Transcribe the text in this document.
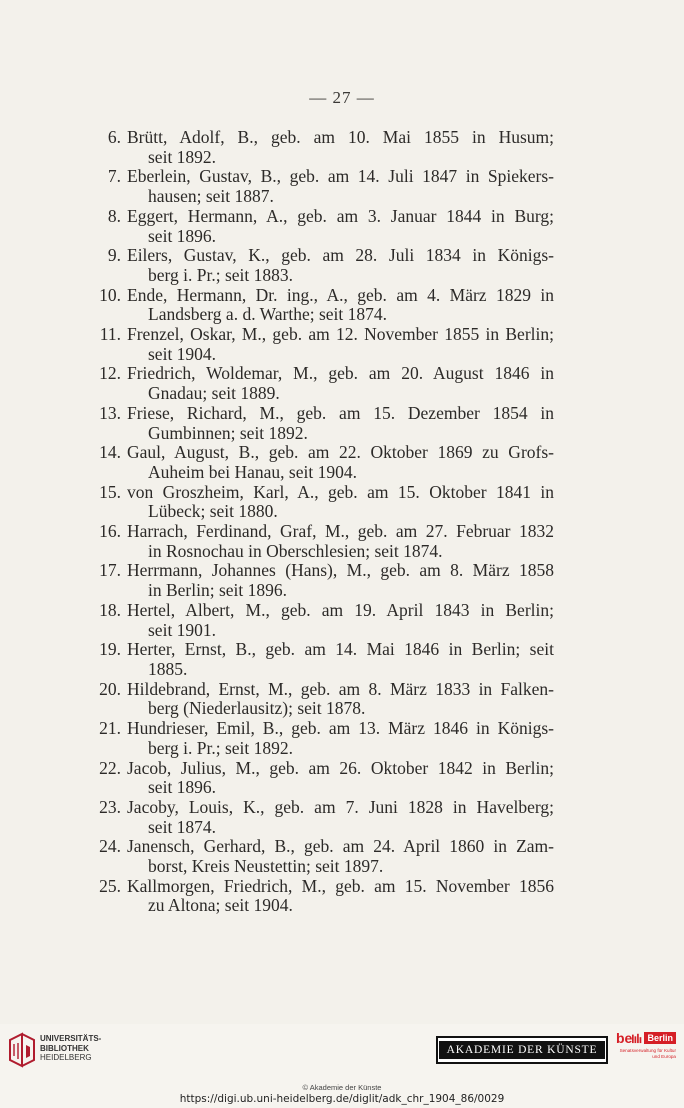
— 27 —
6. Brütt, Adolf, B., geb. am 10. Mai 1855 in Husum;
seit 1892.
7. Eberlein, Gustav, B., geb. am 14. Juli 1847 in Spiekers-
hausen; seit 1887.
8. Eggert, Hermann, A., geb. am 3. Januar 1844 in Burg;
seit 1896.
9. Eilers, Gustav, K., geb. am 28. Juli 1834 in Königs-
berg i. Pr.; seit 1883.
10. Ende, Hermann, Dr. ing., A., geb. am 4. März 1829 in
Landsberg a. d. Warthe; seit 1874.
11. Frenzel, Oskar, M., geb. am 12. November 1855 in Berlin;
seit 1904.
12. Friedrich, Woldemar, M., geb. am 20. August 1846 in
Gnadau; seit 1889.
13. Friese, Richard, M., geb. am 15. Dezember 1854 in
Gumbinnen; seit 1892.
14. Gaul, August, B., geb. am 22. Oktober 1869 zu Grofs-
Auheim bei Hanau, seit 1904.
15. von Groszheim, Karl, A., geb. am 15. Oktober 1841 in
Lübeck; seit 1880.
16. Harrach, Ferdinand, Graf, M., geb. am 27. Februar 1832
in Rosnochau in Oberschlesien; seit 1874.
17. Herrmann, Johannes (Hans), M., geb. am 8. März 1858
in Berlin; seit 1896.
18. Hertel, Albert, M., geb. am 19. April 1843 in Berlin;
seit 1901.
19. Herter, Ernst, B., geb. am 14. Mai 1846 in Berlin; seit
1885.
20. Hildebrand, Ernst, M., geb. am 8. März 1833 in Falken-
berg (Niederlausitz); seit 1878.
21. Hundrieser, Emil, B., geb. am 13. März 1846 in Königs-
berg i. Pr.; seit 1892.
22. Jacob, Julius, M., geb. am 26. Oktober 1842 in Berlin;
seit 1896.
23. Jacoby, Louis, K., geb. am 7. Juni 1828 in Havelberg;
seit 1874.
24. Janensch, Gerhard, B., geb. am 24. April 1860 in Zam-
borst, Kreis Neustettin; seit 1897.
25. Kallmorgen, Friedrich, M., geb. am 15. November 1856
zu Altona; seit 1904.
UNIVERSITÄTS-
BIBLIOTHEK
HEIDELBERG
AKADEMIE DER KÜNSTE
be	Berlin
Senatsverwaltung für Kultur und Europa
© Akademie der Künste
https://digi.ub.uni-heidelberg.de/diglit/adk_chr_1904_86/0029
